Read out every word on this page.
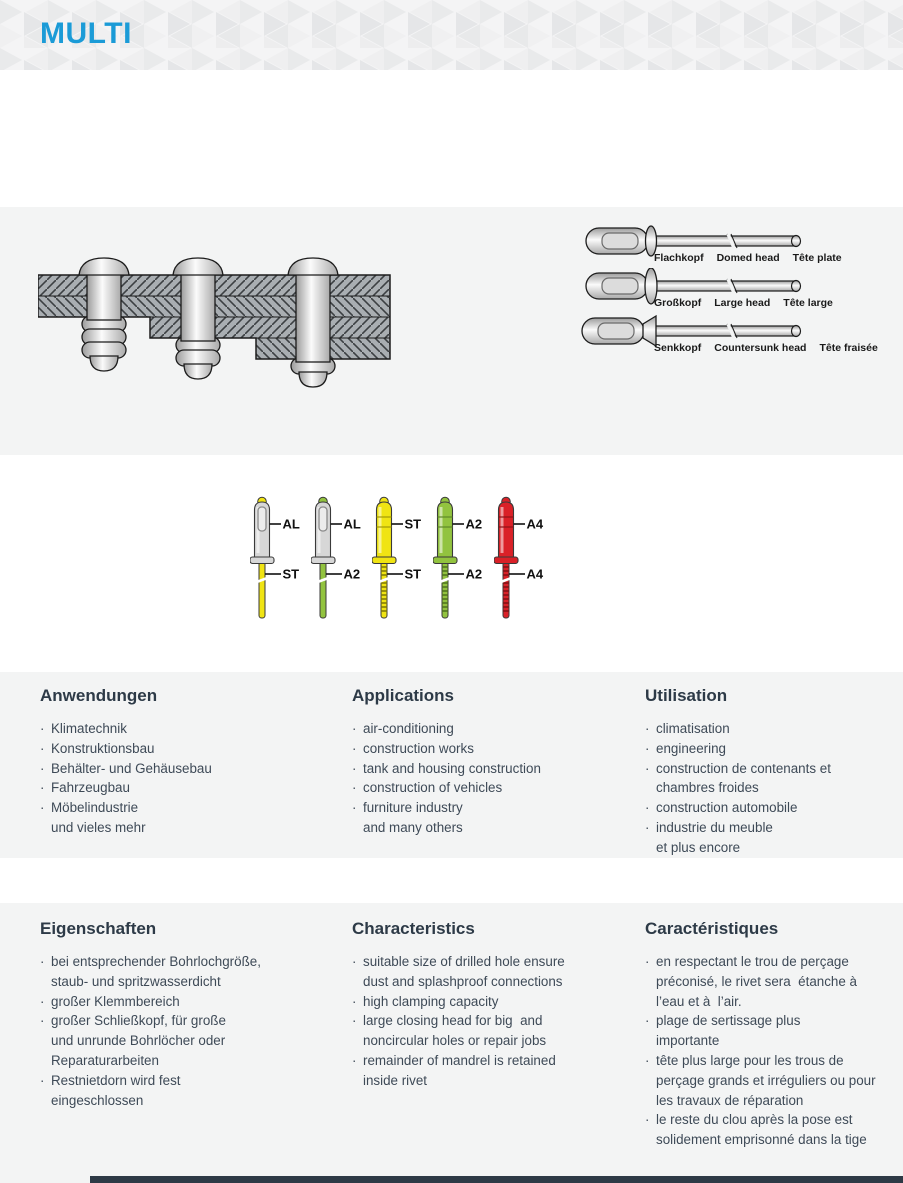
MULTI
Flachkopf Domed head Tête plate
Großkopf Large head Tête large
Senkkopf Countersunk head Tête fraisée
AL
ST
AL
A2
ST
ST
A2
A2
A4
A4
Anwendungen
· Klimatechnik
· Konstruktionsbau
· Behälter- und Gehäusebau
· Fahrzeugbau
· Möbelindustrie
und vieles mehr
Applications
· air-conditioning
· construction works
· tank and housing construction
· construction of vehicles
· furniture industry
and many others
Utilisation
· climatisation
· engineering
· construction de contenants et
chambres froides
· construction automobile
· industrie du meuble
et plus encore
Eigenschaften
· bei entsprechender Bohrlochgröße,
staub- und spritzwasserdicht
· großer Klemmbereich
· großer Schließkopf, für große
und unrunde Bohrlöcher oder
Reparaturarbeiten
· Restnietdorn wird fest
eingeschlossen
Characteristics
· suitable size of drilled hole ensure
dust and splashproof connections
· high clamping capacity
· large closing head for big  and
noncircular holes or repair jobs
· remainder of mandrel is retained
inside rivet
Caractéristiques
· en respectant le trou de perçage
préconisé, le rivet sera  étanche à
l’eau et à  l’air.
· plage de sertissage plus
importante
· tête plus large pour les trous de
perçage grands et irréguliers ou pour
les travaux de réparation
· le reste du clou après la pose est
solidement emprisonné dans la tige
